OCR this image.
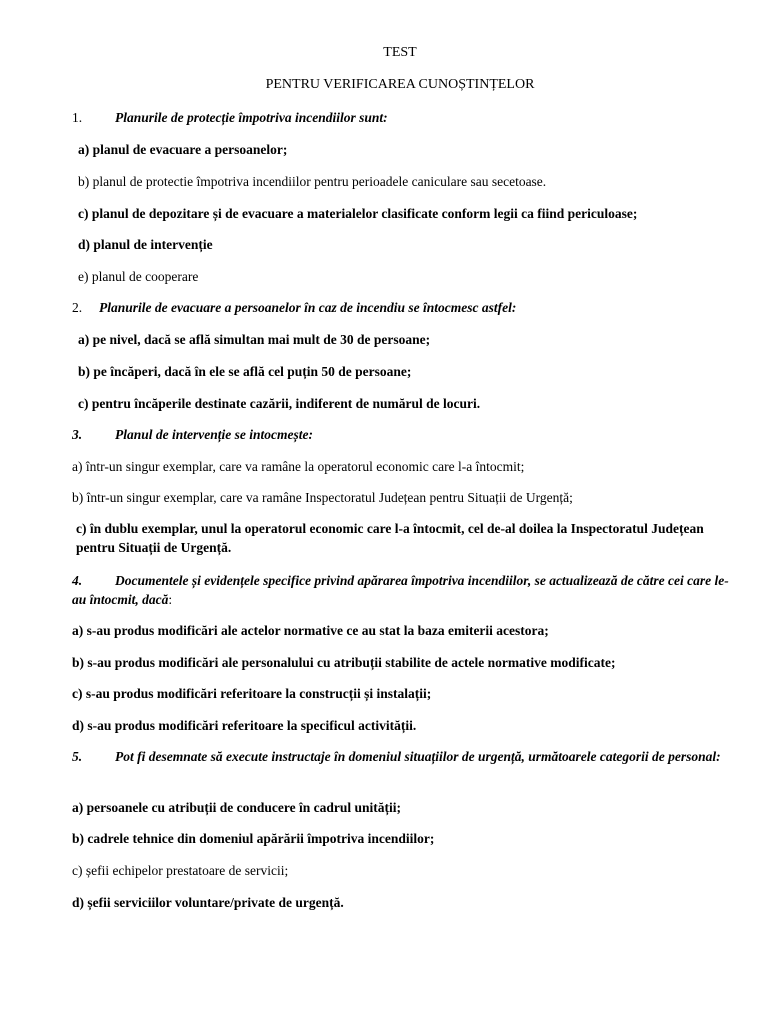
TEST
PENTRU VERIFICAREA CUNOȘTINȚELOR
1. Planurile de protecție împotriva incendiilor sunt:
a) planul de evacuare a persoanelor;
b) planul de protectie împotriva incendiilor pentru perioadele caniculare sau secetoase.
c) planul de depozitare și de evacuare a materialelor clasificate conform legii ca fiind periculoase;
d) planul de intervenție
e) planul de cooperare
2. Planurile de evacuare a persoanelor în caz de incendiu se întocmesc astfel:
a) pe nivel, dacă se află simultan mai mult de 30 de persoane;
b) pe încăperi, dacă în ele se află cel puțin 50 de persoane;
c) pentru încăperile destinate cazării, indiferent de numărul de locuri.
3. Planul de intervenție se intocmește:
a) într-un singur exemplar, care va ramâne la operatorul economic care l-a întocmit;
b) într-un singur exemplar, care va ramâne Inspectoratul Județean pentru Situații de Urgență;
c) în dublu exemplar, unul la operatorul economic care l-a întocmit, cel de-al doilea la Inspectoratul Județean pentru Situații de Urgență.
4. Documentele și evidențele specifice privind apărarea împotriva incendiilor, se actualizează de către cei care le-au întocmit, dacă:
a) s-au produs modificări ale actelor normative ce au stat la baza emiterii acestora;
b) s-au produs modificări ale personalului cu atribuții stabilite de actele normative modificate;
c) s-au produs modificări referitoare la construcții și instalații;
d) s-au produs modificări referitoare la specificul activității.
5. Pot fi desemnate să execute instructaje în domeniul situațiilor de urgență, următoarele categorii de personal:
a) persoanele cu atribuții de conducere în cadrul unității;
b) cadrele tehnice din domeniul apărării împotriva incendiilor;
c) șefii echipelor prestatoare de servicii;
d) șefii serviciilor voluntare/private de urgență.
